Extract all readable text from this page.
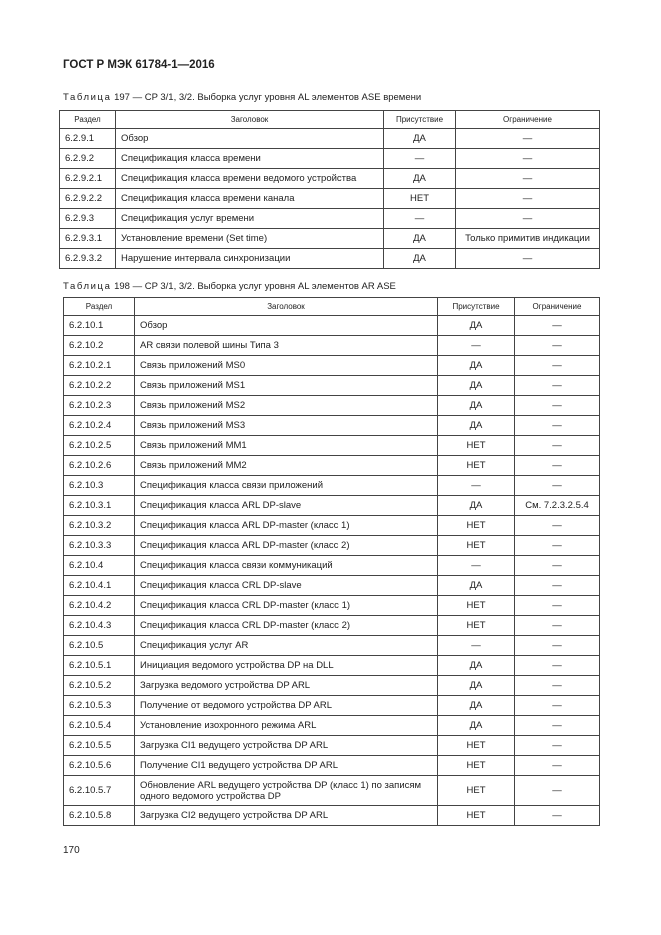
ГОСТ Р МЭК 61784-1—2016
Таблица 197 — CP 3/1, 3/2. Выборка услуг уровня AL элементов ASE времени
Раздел	Заголовок	Присутствие	Ограничение
6.2.9.1	Обзор	ДА	—
6.2.9.2	Спецификация класса времени	—	—
6.2.9.2.1	Спецификация класса времени ведомого устройства	ДА	—
6.2.9.2.2	Спецификация класса времени канала	НЕТ	—
6.2.9.3	Спецификация услуг времени	—	—
6.2.9.3.1	Установление времени (Set time)	ДА	Только примитив индикации
6.2.9.3.2	Нарушение интервала синхронизации	ДА	—
Таблица 198 — CP 3/1, 3/2. Выборка услуг уровня AL элементов AR ASE
Раздел	Заголовок	Присутствие	Ограничение
6.2.10.1	Обзор	ДА	—
6.2.10.2	AR связи полевой шины Типа 3	—	—
6.2.10.2.1	Связь приложений MS0	ДА	—
6.2.10.2.2	Связь приложений MS1	ДА	—
6.2.10.2.3	Связь приложений MS2	ДА	—
6.2.10.2.4	Связь приложений MS3	ДА	—
6.2.10.2.5	Связь приложений ММ1	НЕТ	—
6.2.10.2.6	Связь приложений ММ2	НЕТ	—
6.2.10.3	Спецификация класса связи приложений	—	—
6.2.10.3.1	Спецификация класса ARL DP-slave	ДА	См. 7.2.3.2.5.4
6.2.10.3.2	Спецификация класса ARL DP-master (класс 1)	НЕТ	—
6.2.10.3.3	Спецификация класса ARL DP-master (класс 2)	НЕТ	—
6.2.10.4	Спецификация класса связи коммуникаций	—	—
6.2.10.4.1	Спецификация класса CRL DP-slave	ДА	—
6.2.10.4.2	Спецификация класса CRL DP-master (класс 1)	НЕТ	—
6.2.10.4.3	Спецификация класса CRL DP-master (класс 2)	НЕТ	—
6.2.10.5	Спецификация услуг AR	—	—
6.2.10.5.1	Инициация ведомого устройства DP на DLL	ДА	—
6.2.10.5.2	Загрузка ведомого устройства DP ARL	ДА	—
6.2.10.5.3	Получение от ведомого устройства DP ARL	ДА	—
6.2.10.5.4	Установление изохронного режима ARL	ДА	—
6.2.10.5.5	Загрузка CI1 ведущего устройства DP ARL	НЕТ	—
6.2.10.5.6	Получение CI1 ведущего устройства DP ARL	НЕТ	—
6.2.10.5.7	Обновление ARL ведущего устройства DP (класс 1) по записям одного ведомого устройства DP	НЕТ	—
6.2.10.5.8	Загрузка CI2 ведущего устройства DP ARL	НЕТ	—
170
